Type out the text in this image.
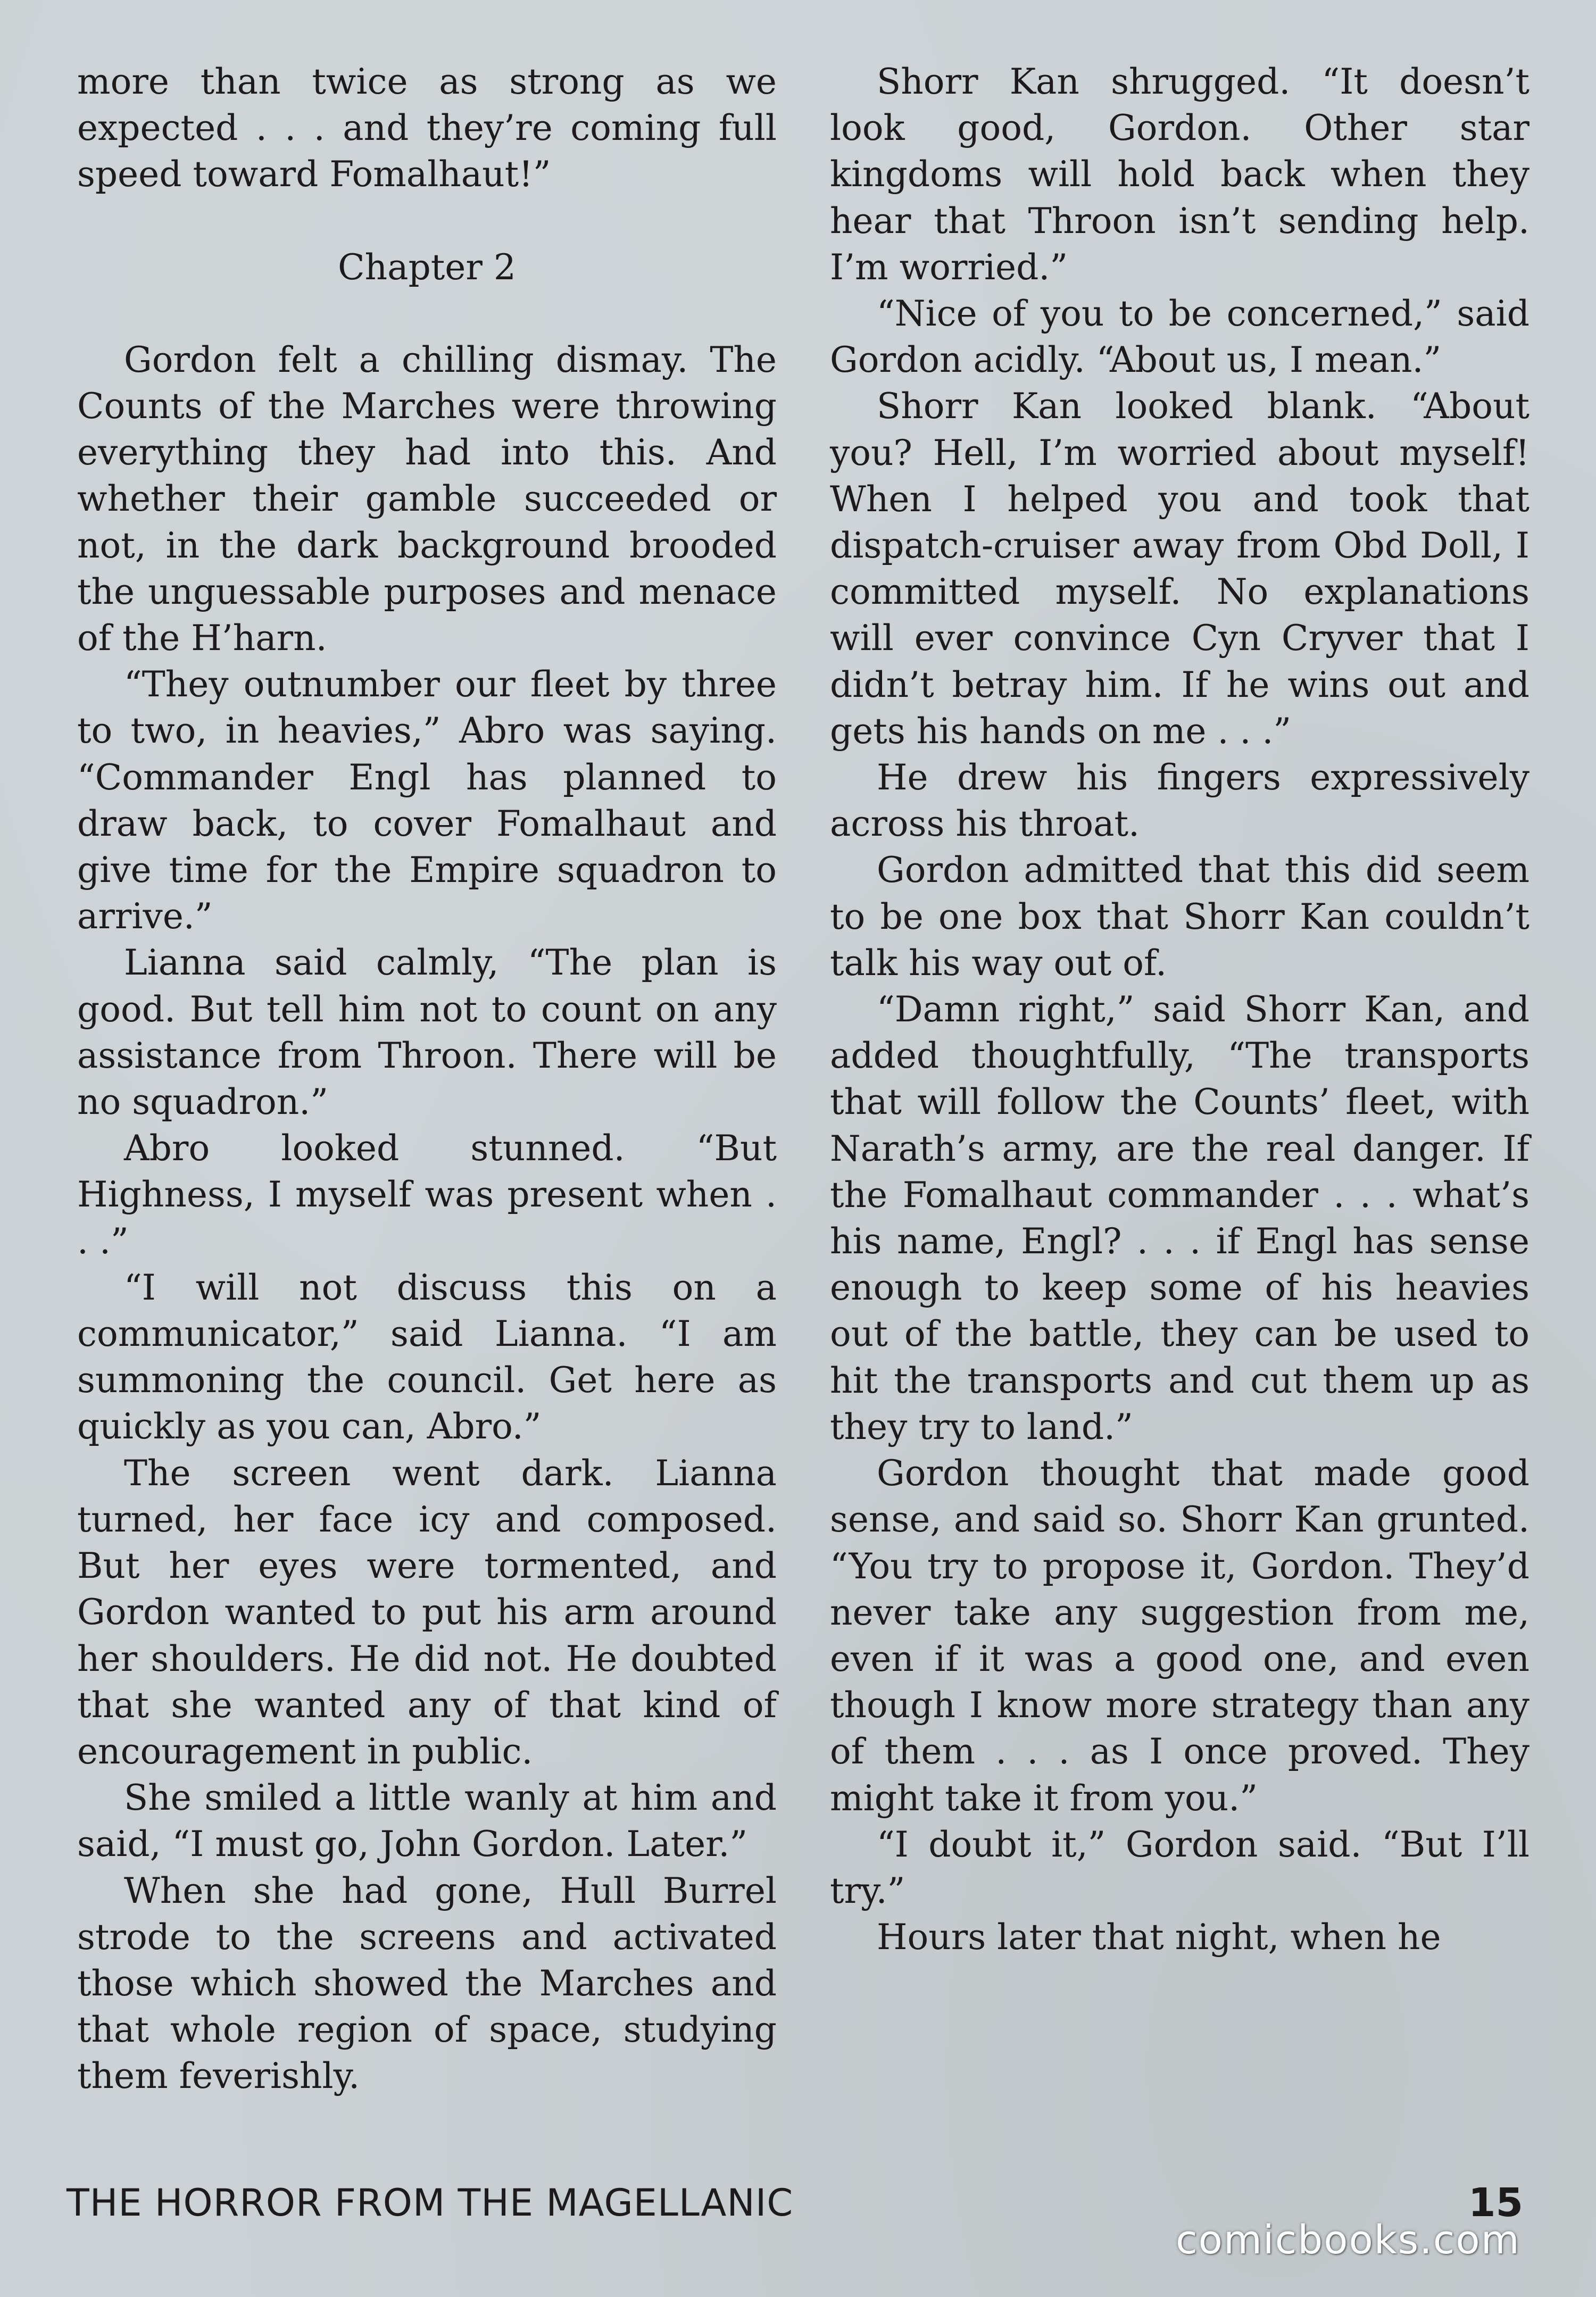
more than twice as strong as we expected . . . and they’re coming full speed toward Fomalhaut!”

Chapter 2

Gordon felt a chilling dismay. The Counts of the Marches were throwing everything they had into this. And whether their gamble succeeded or not, in the dark background brooded the unguessable purposes and menace of the H’harn.

“They outnumber our fleet by three to two, in heavies,” Abro was saying. “Commander Engl has planned to draw back, to cover Fomalhaut and give time for the Empire squadron to arrive.”

Lianna said calmly, “The plan is good. But tell him not to count on any assistance from Throon. There will be no squadron.”

Abro looked stunned. “But Highness, I myself was present when . . .”

“I will not discuss this on a communicator,” said Lianna. “I am summoning the council. Get here as quickly as you can, Abro.”

The screen went dark. Lianna turned, her face icy and composed. But her eyes were tormented, and Gordon wanted to put his arm around her shoulders. He did not. He doubted that she wanted any of that kind of encouragement in public.

She smiled a little wanly at him and said, “I must go, John Gordon. Later.”

When she had gone, Hull Burrel strode to the screens and activated those which showed the Marches and that whole region of space, studying them feverishly.

Shorr Kan shrugged. “It doesn’t look good, Gordon. Other star kingdoms will hold back when they hear that Throon isn’t sending help. I’m worried.”

“Nice of you to be concerned,” said Gordon acidly. “About us, I mean.”

Shorr Kan looked blank. “About you? Hell, I’m worried about myself! When I helped you and took that dispatch-cruiser away from Obd Doll, I committed myself. No explanations will ever convince Cyn Cryver that I didn’t betray him. If he wins out and gets his hands on me . . .”

He drew his fingers expressively across his throat.

Gordon admitted that this did seem to be one box that Shorr Kan couldn’t talk his way out of.

“Damn right,” said Shorr Kan, and added thoughtfully, “The transports that will follow the Counts’ fleet, with Narath’s army, are the real danger. If the Fomalhaut commander . . . what’s his name, Engl? . . . if Engl has sense enough to keep some of his heavies out of the battle, they can be used to hit the transports and cut them up as they try to land.”

Gordon thought that made good sense, and said so. Shorr Kan grunted. “You try to propose it, Gordon. They’d never take any suggestion from me, even if it was a good one, and even though I know more strategy than any of them . . . as I once proved. They might take it from you.”

“I doubt it,” Gordon said. “But I’ll try.”

Hours later that night, when he

THE HORROR FROM THE MAGELLANIC	15
comicbooks.com
